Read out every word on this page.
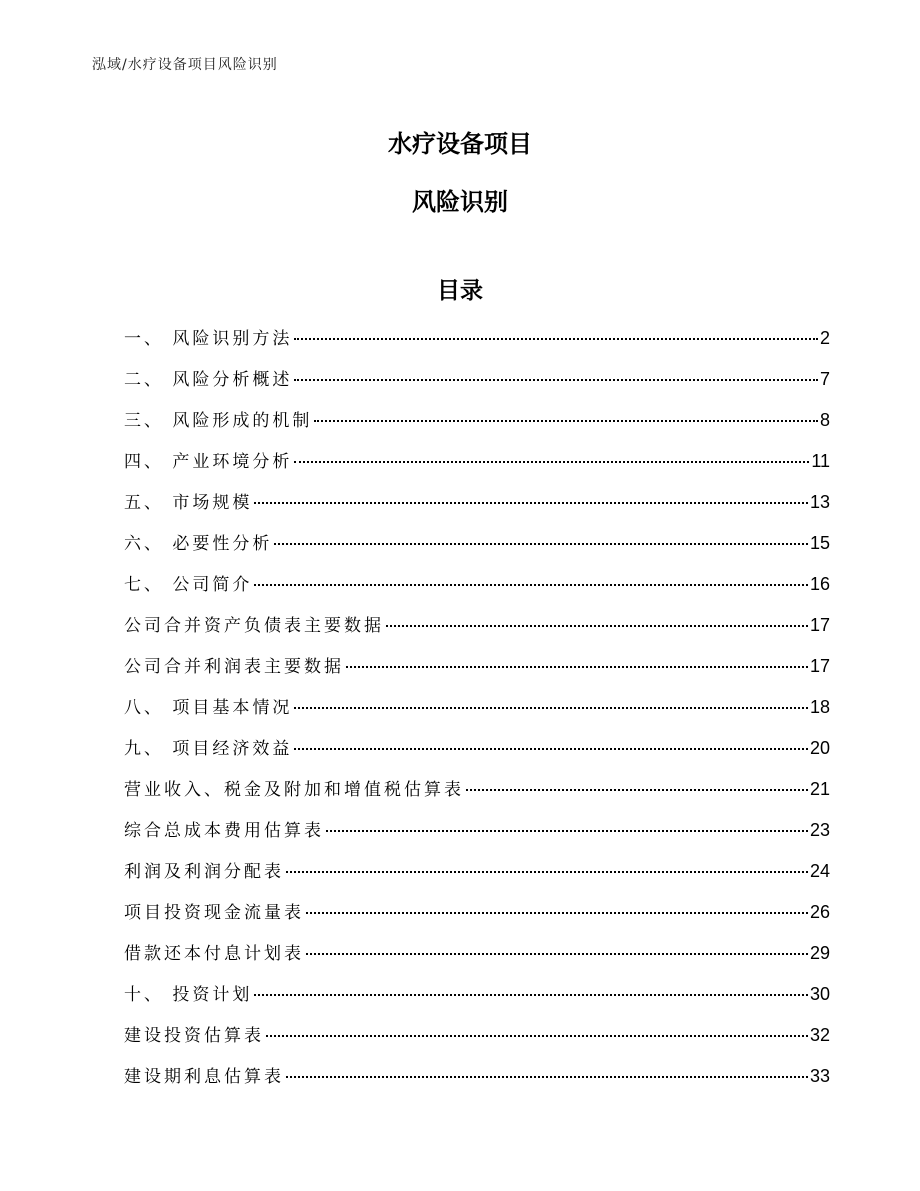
泓域/水疗设备项目风险识别
水疗设备项目
风险识别
目录
一、 风险识别方法	2
二、 风险分析概述	7
三、 风险形成的机制	8
四、 产业环境分析	11
五、 市场规模	13
六、 必要性分析	15
七、 公司简介	16
公司合并资产负债表主要数据	17
公司合并利润表主要数据	17
八、 项目基本情况	18
九、 项目经济效益	20
营业收入、税金及附加和增值税估算表	21
综合总成本费用估算表	23
利润及利润分配表	24
项目投资现金流量表	26
借款还本付息计划表	29
十、 投资计划	30
建设投资估算表	32
建设期利息估算表	33
